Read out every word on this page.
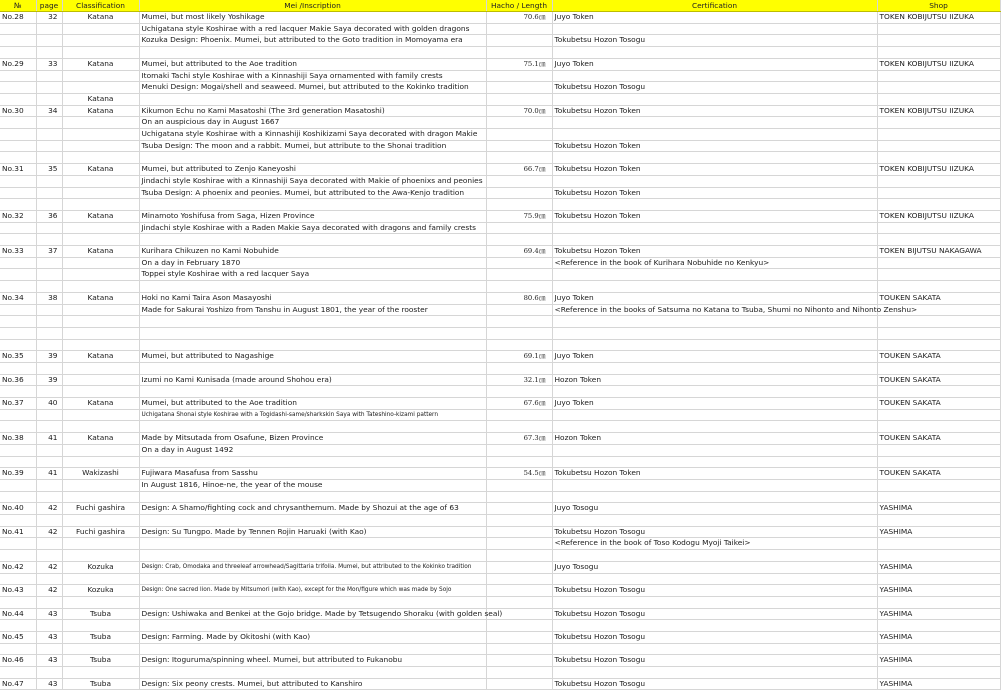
№	page	Classification	Mei /Inscription	Hacho / Length	Certification	Shop
No.28	32	Katana	Mumei, but most likely Yoshikage	70.6㎝	Juyo Token	TOKEN KOBIJUTSU IIZUKA
			Uchigatana style Koshirae with a red lacquer Makie Saya decorated with golden dragons			
			Kozuka Design: Phoenix. Mumei, but attributed to the Goto tradition in Momoyama era		Tokubetsu Hozon Tosogu	

No.29	33	Katana	Mumei, but attributed to the Aoe tradition	75.1㎝	Juyo Token	TOKEN KOBIJUTSU IIZUKA
			Itomaki Tachi style Koshirae with a Kinnashiji Saya ornamented with family crests			
			Menuki Design: Mogai/shell and seaweed. Mumei, but attributed to the Kokinko tradition		Tokubetsu Hozon Tosogu	
		Katana				
No.30	34	Katana	Kikumon Echu no Kami Masatoshi (The 3rd generation Masatoshi)	70.0㎝	Tokubetsu Hozon Token	TOKEN KOBIJUTSU IIZUKA
			On an auspicious day in August 1667			
			Uchigatana style Koshirae with a Kinnashiji Koshikizami Saya decorated with dragon Makie			
			Tsuba Design: The moon and a rabbit. Mumei, but attribute to the Shonai tradition		Tokubetsu Hozon Token	

No.31	35	Katana	Mumei, but attributed to Zenjo Kaneyoshi	66.7㎝	Tokubetsu Hozon Token	TOKEN KOBIJUTSU IIZUKA
			Jindachi style Koshirae with a Kinnashiji Saya decorated with Makie of phoenixs and peonies			
			Tsuba Design: A phoenix and peonies. Mumei, but attributed to the Awa-Kenjo tradition		Tokubetsu Hozon Token	

No.32	36	Katana	Minamoto Yoshifusa from Saga, Hizen Province	75.9㎝	Tokubetsu Hozon Token	TOKEN KOBIJUTSU IIZUKA
			Jindachi style Koshirae with a Raden Makie Saya decorated with dragons and family crests			

No.33	37	Katana	Kurihara Chikuzen no Kami Nobuhide	69.4㎝	Tokubetsu Hozon Token	TOKEN BIJUTSU NAKAGAWA
			On a day in February 1870		<Reference in the book of Kurihara Nobuhide no Kenkyu>	
			Toppei style Koshirae with a red lacquer Saya			

No.34	38	Katana	Hoki no Kami Taira Ason Masayoshi	80.6㎝	Juyo Token	TOUKEN SAKATA
			Made for Sakurai Yoshizo from Tanshu in August 1801, the year of the rooster		<Reference in the books of Satsuma no Katana to Tsuba, Shumi no Nihonto and Nihonto Zenshu>	

No.35	39	Katana	Mumei, but attributed to Nagashige	69.1㎝	Juyo Token	TOUKEN SAKATA

No.36	39		Izumi no Kami Kunisada (made around Shohou era)	32.1㎝	Hozon Token	TOUKEN SAKATA

No.37	40	Katana	Mumei, but attributed to the Aoe tradition	67.6㎝	Juyo Token	TOUKEN SAKATA
			Uchigatana Shonai style Koshirae with a Togidashi-same/sharkskin Saya with Tateshino-kizami pattern			

No.38	41	Katana	Made by Mitsutada from Osafune, Bizen Province	67.3㎝	Hozon Token	TOUKEN SAKATA
			On a day in August 1492			

No.39	41	Wakizashi	Fujiwara Masafusa from Sasshu	54.5㎝	Tokubetsu Hozon Token	TOUKEN SAKATA
			In August 1816, Hinoe-ne, the year of the mouse			

No.40	42	Fuchi gashira	Design: A Shamo/fighting cock and chrysanthemum. Made by Shozui at the age of 63		Juyo Tosogu	YASHIMA

No.41	42	Fuchi gashira	Design: Su Tungpo. Made by Tennen Rojin Haruaki (with Kao)		Tokubetsu Hozon Tosogu	YASHIMA
					<Reference in the book of Toso Kodogu Myoji Taikei>	

No.42	42	Kozuka	Design: Crab, Omodaka and threeleaf arrowhead/Sagittaria trifolia. Mumei, but attributed to the Kokinko tradition		Juyo Tosogu	YASHIMA

No.43	42	Kozuka	Design: One sacred lion. Made by Mitsumori (with Kao), except for the Mon/figure which was made by Sojo		Tokubetsu Hozon Tosogu	YASHIMA

No.44	43	Tsuba	Design: Ushiwaka and Benkei at the Gojo bridge. Made by Tetsugendo Shoraku (with golden seal)		Tokubetsu Hozon Tosogu	YASHIMA

No.45	43	Tsuba	Design: Farming. Made by Okitoshi (with Kao)		Tokubetsu Hozon Tosogu	YASHIMA

No.46	43	Tsuba	Design: Itoguruma/spinning wheel. Mumei, but attributed to Fukanobu		Tokubetsu Hozon Tosogu	YASHIMA

No.47	43	Tsuba	Design: Six peony crests. Mumei, but attributed to Kanshiro		Tokubetsu Hozon Tosogu	YASHIMA
